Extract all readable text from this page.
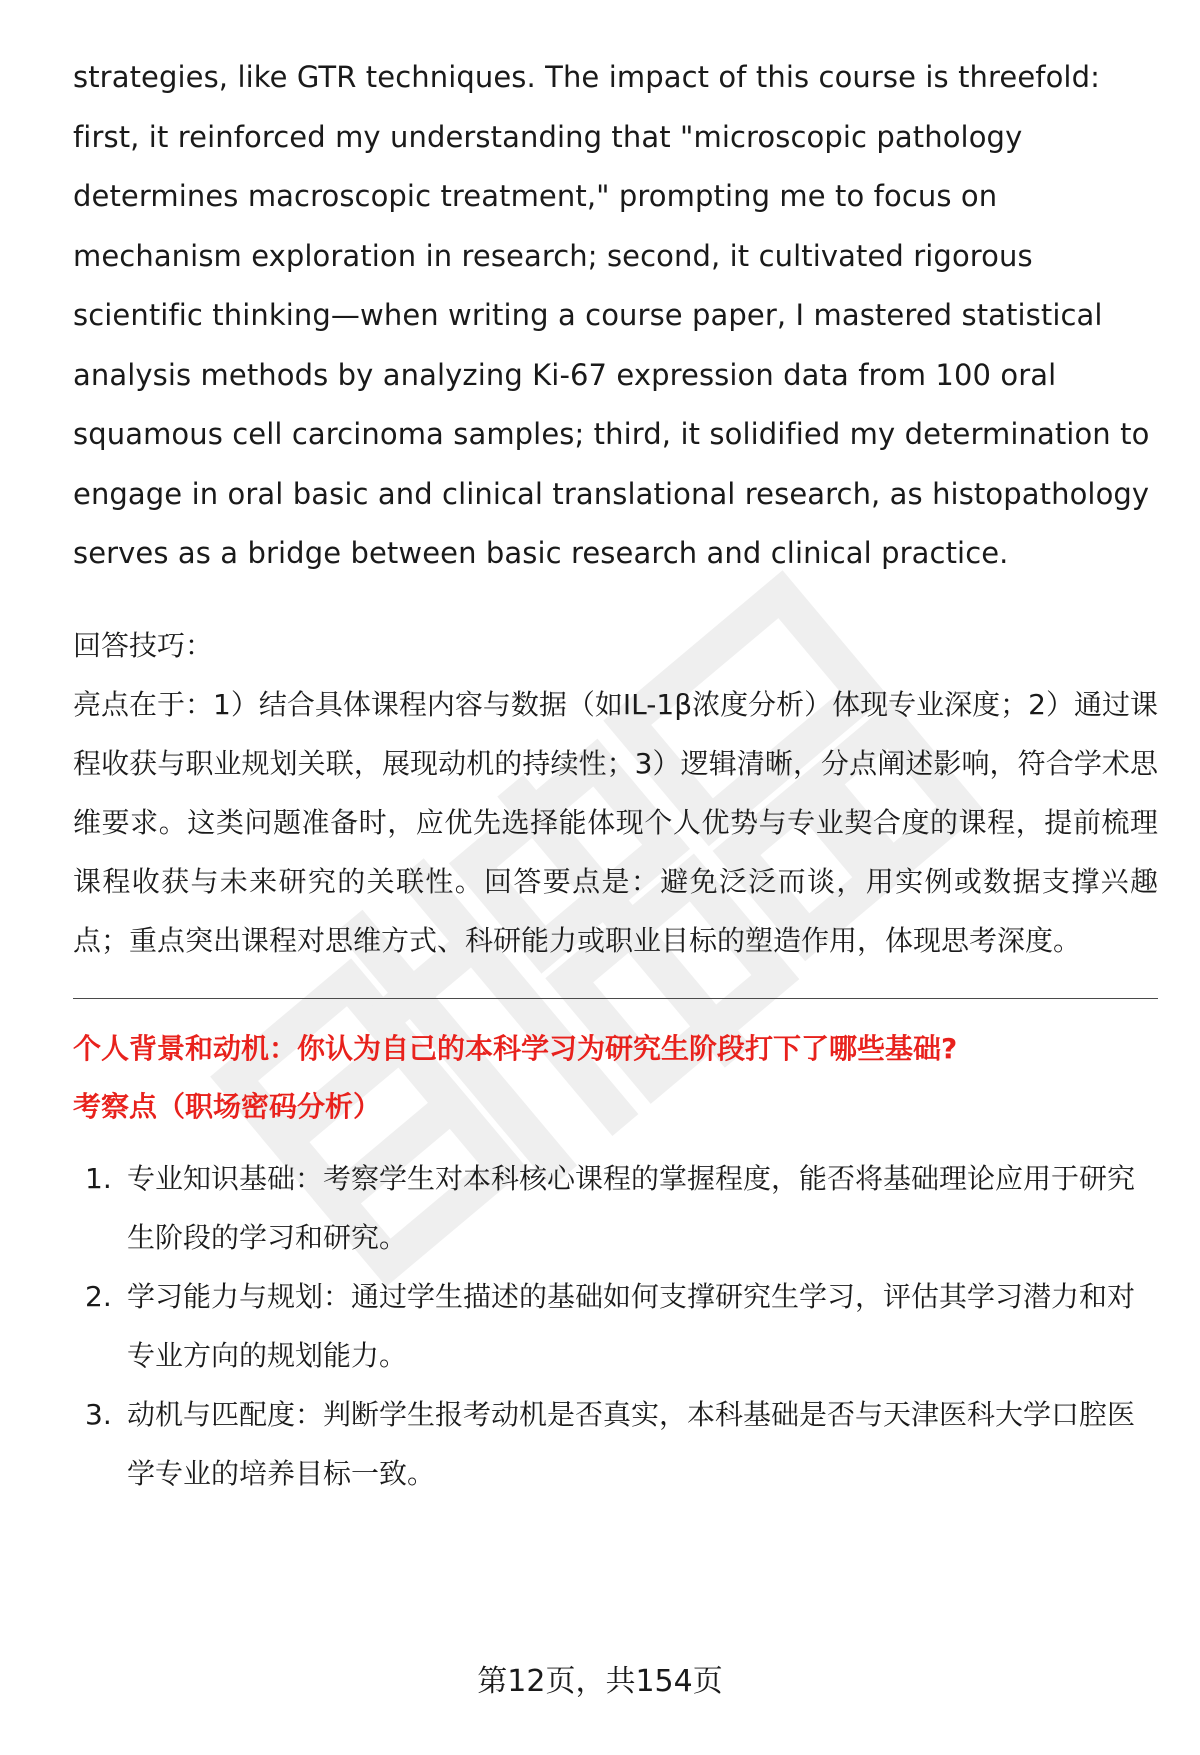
strategies, like GTR techniques. The impact of this course is threefold: first, it reinforced my understanding that "microscopic pathology determines macroscopic treatment," prompting me to focus on mechanism exploration in research; second, it cultivated rigorous scientific thinking—when writing a course paper, I mastered statistical analysis methods by analyzing Ki-67 expression data from 100 oral squamous cell carcinoma samples; third, it solidified my determination to engage in oral basic and clinical translational research, as histopathology serves as a bridge between basic research and clinical practice.

回答技巧：

亮点在于：1）结合具体课程内容与数据（如IL-1β浓度分析）体现专业深度；2）通过课程收获与职业规划关联，展现动机的持续性；3）逻辑清晰，分点阐述影响，符合学术思维要求。这类问题准备时，应优先选择能体现个人优势与专业契合度的课程，提前梳理课程收获与未来研究的关联性。回答要点是：避免泛泛而谈，用实例或数据支撑兴趣点；重点突出课程对思维方式、科研能力或职业目标的塑造作用，体现思考深度。

个人背景和动机：你认为自己的本科学习为研究生阶段打下了哪些基础?

考察点（职场密码分析）

1. 专业知识基础：考察学生对本科核心课程的掌握程度，能否将基础理论应用于研究生阶段的学习和研究。
2. 学习能力与规划：通过学生描述的基础如何支撑研究生学习，评估其学习潜力和对专业方向的规划能力。
3. 动机与匹配度：判断学生报考动机是否真实，本科基础是否与天津医科大学口腔医学专业的培养目标一致。
第12页，共154页
